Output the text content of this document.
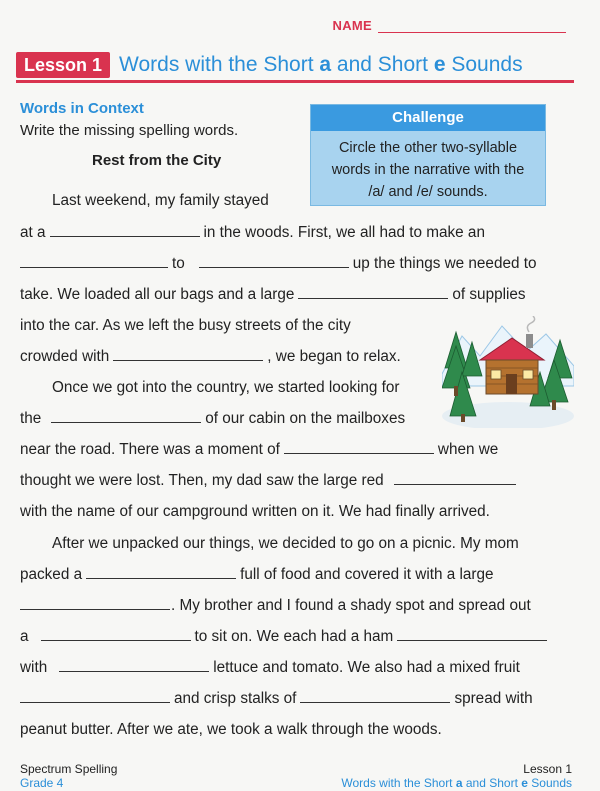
NAME
Lesson 1 Words with the Short a and Short e Sounds
Words in Context
Write the missing spelling words.
Rest from the City
Challenge
Circle the other two-syllable
words in the narrative with the
/a/ and /e/ sounds.
Last weekend, my family stayed
at a	in the woods. First, we all had to make an
to	up the things we needed to
take. We loaded all our bags and a large	of supplies
into the car. As we left the busy streets of the city
crowded with	, we began to relax.
Once we got into the country, we started looking for
the	of our cabin on the mailboxes
near the road. There was a moment of	when we
thought we were lost. Then, my dad saw the large red
with the name of our campground written on it. We had finally arrived.
After we unpacked our things, we decided to go on a picnic. My mom
packed a	full of food and covered it with a large
. My brother and I found a shady spot and spread out
a	to sit on. We each had a ham
with	lettuce and tomato. We also had a mixed fruit
and crisp stalks of	spread with
peanut butter. After we ate, we took a walk through the woods.
Spectrum Spelling
Grade 4
Lesson 1
Words with the Short a and Short e Sounds
